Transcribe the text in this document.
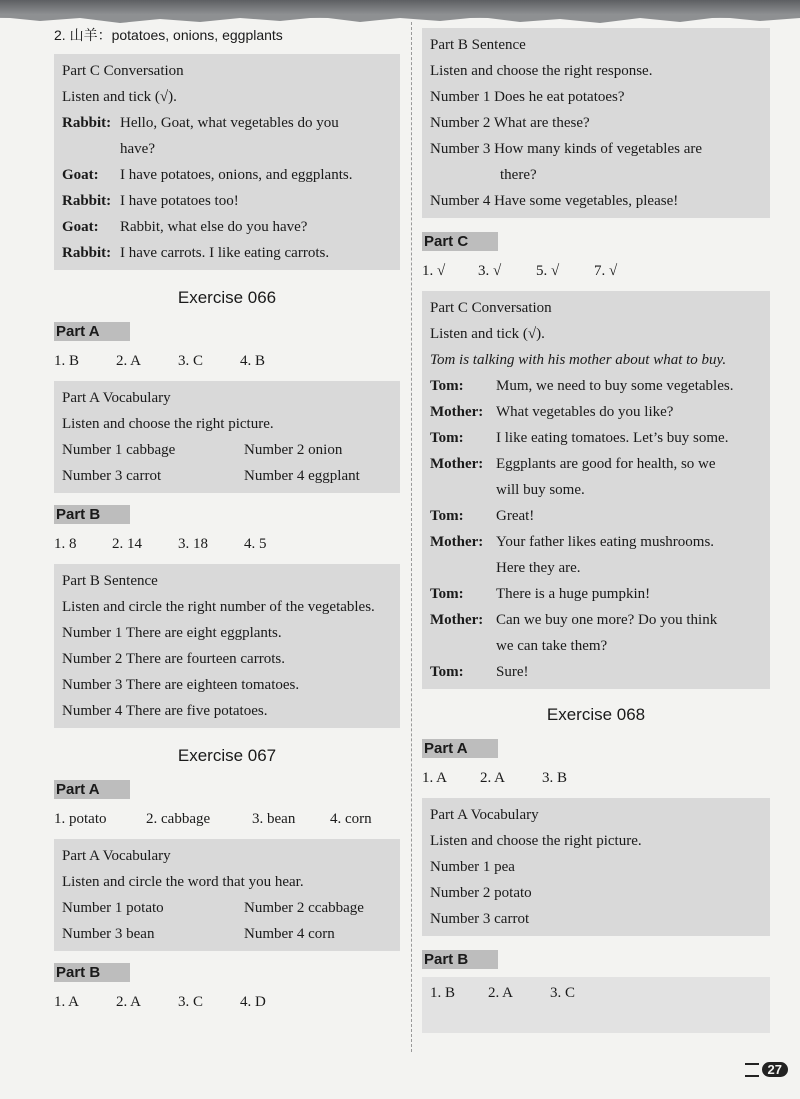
2. 山羊：potatoes, onions, eggplants
Part C Conversation
Listen and tick (√).
Rabbit: Hello, Goat, what vegetables do you
have?
Goat: I have potatoes, onions, and eggplants.
Rabbit: I have potatoes too!
Goat: Rabbit, what else do you have?
Rabbit: I have carrots. I like eating carrots.
Exercise 066
Part A
1. B 2. A 3. C 4. B
Part A Vocabulary
Listen and choose the right picture.
Number 1 cabbage	Number 2 onion
Number 3 carrot	Number 4 eggplant
Part B
1. 8 2. 14 3. 18 4. 5
Part B Sentence
Listen and circle the right number of the vegetables.
Number 1 There are eight eggplants.
Number 2 There are fourteen carrots.
Number 3 There are eighteen tomatoes.
Number 4 There are five potatoes.
Exercise 067
Part A
1. potato	2. cabbage	3. bean 4. corn
Part A Vocabulary
Listen and circle the word that you hear.
Number 1 potato	Number 2 ccabbage
Number 3 bean	Number 4 corn
Part B
1. A 2. A 3. C 4. D
Part B Sentence
Listen and choose the right response.
Number 1 Does he eat potatoes?
Number 2 What are these?
Number 3 How many kinds of vegetables are
there?
Number 4 Have some vegetables, please!
Part C
1. √ 3. √ 5. √ 7. √
Part C Conversation
Listen and tick (√).
Tom is talking with his mother about what to buy.
Tom: Mum, we need to buy some vegetables.
Mother: What vegetables do you like?
Tom: I like eating tomatoes. Let’s buy some.
Mother: Eggplants are good for health, so we
will buy some.
Tom: Great!
Mother: Your father likes eating mushrooms.
Here they are.
Tom: There is a huge pumpkin!
Mother: Can we buy one more? Do you think
we can take them?
Tom: Sure!
Exercise 068
Part A
1. A 2. A 3. B
Part A Vocabulary
Listen and choose the right picture.
Number 1 pea
Number 2 potato
Number 3 carrot
Part B
1. B 2. A 3. C
27
